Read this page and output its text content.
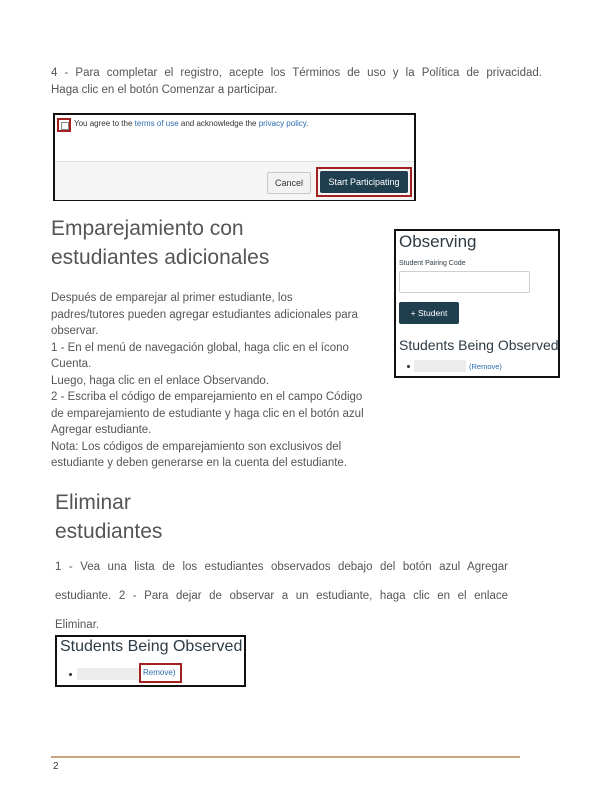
4 - Para completar el registro, acepte los Términos de uso y la Política de privacidad.
Haga clic en el botón Comenzar a participar.
You agree to the terms of use and acknowledge the privacy policy.
Cancel	Start Participating
Emparejamiento con
estudiantes adicionales
Después de emparejar al primer estudiante, los
padres/tutores pueden agregar estudiantes adicionales para
observar.
1 - En el menú de navegación global, haga clic en el ícono
Cuenta.
Luego, haga clic en el enlace Observando.
2 - Escriba el código de emparejamiento en el campo Código
de emparejamiento de estudiante y haga clic en el botón azul
Agregar estudiante.
Nota: Los códigos de emparejamiento son exclusivos del
estudiante y deben generarse en la cuenta del estudiante.
Observing
Student Pairing Code
+ Student
Students Being Observed
(Remove)
Eliminar
estudiantes
1 - Vea una lista de los estudiantes observados debajo del botón azul Agregar
estudiante. 2 - Para dejar de observar a un estudiante, haga clic en el enlace
Eliminar.
Students Being Observed
Remove)
2
